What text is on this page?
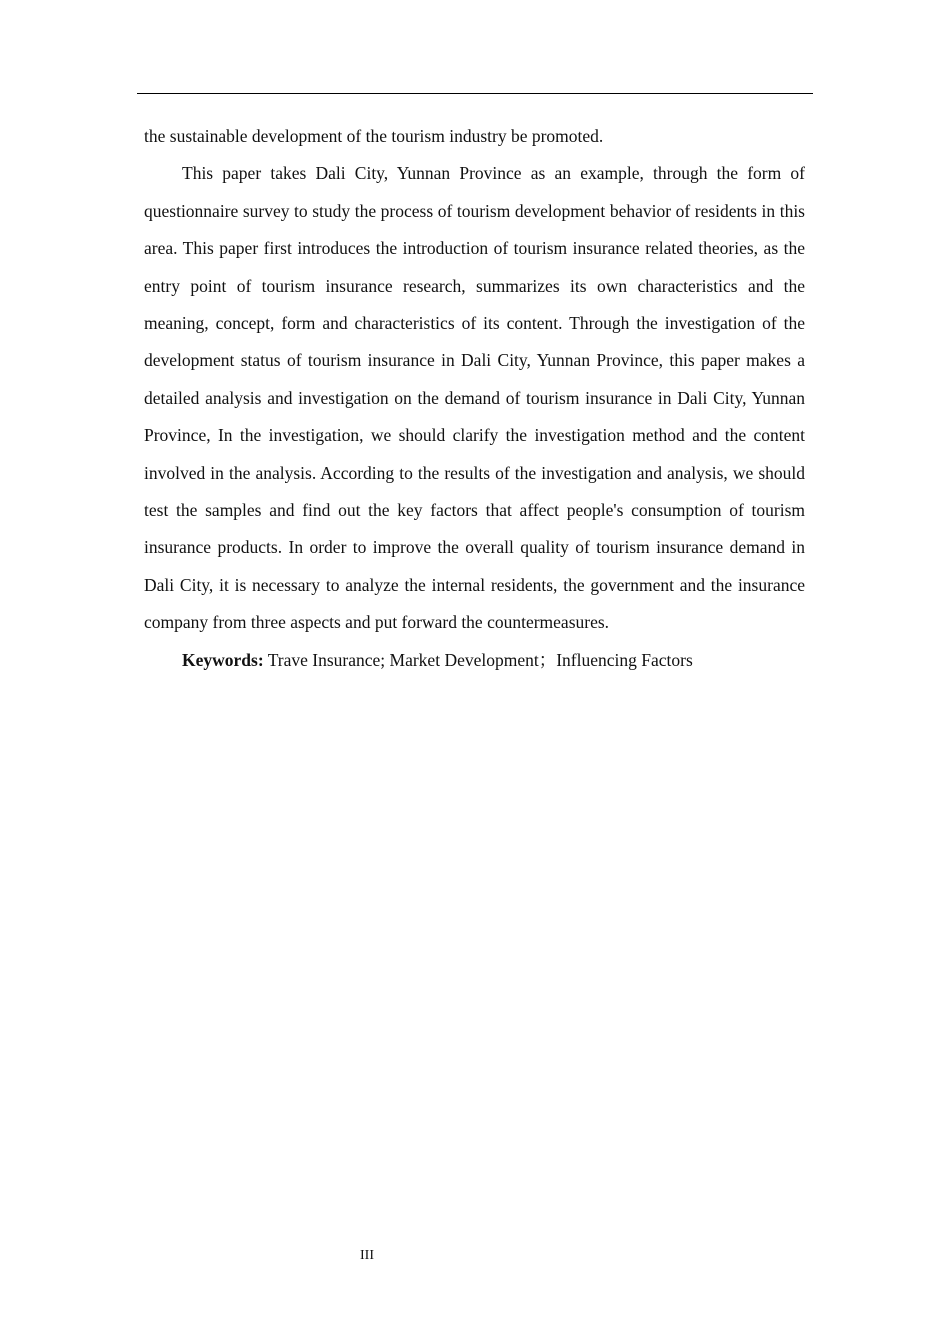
the sustainable development of the tourism industry be promoted.

This paper takes Dali City, Yunnan Province as an example, through the form of questionnaire survey to study the process of tourism development behavior of residents in this area. This paper first introduces the introduction of tourism insurance related theories, as the entry point of tourism insurance research, summarizes its own characteristics and the meaning, concept, form and characteristics of its content. Through the investigation of the development status of tourism insurance in Dali City, Yunnan Province, this paper makes a detailed analysis and investigation on the demand of tourism insurance in Dali City, Yunnan Province, In the investigation, we should clarify the investigation method and the content involved in the analysis. According to the results of the investigation and analysis, we should test the samples and find out the key factors that affect people's consumption of tourism insurance products. In order to improve the overall quality of tourism insurance demand in Dali City, it is necessary to analyze the internal residents, the government and the insurance company from three aspects and put forward the countermeasures.

Keywords: Trave Insurance; Market Development；Influencing Factors

III
